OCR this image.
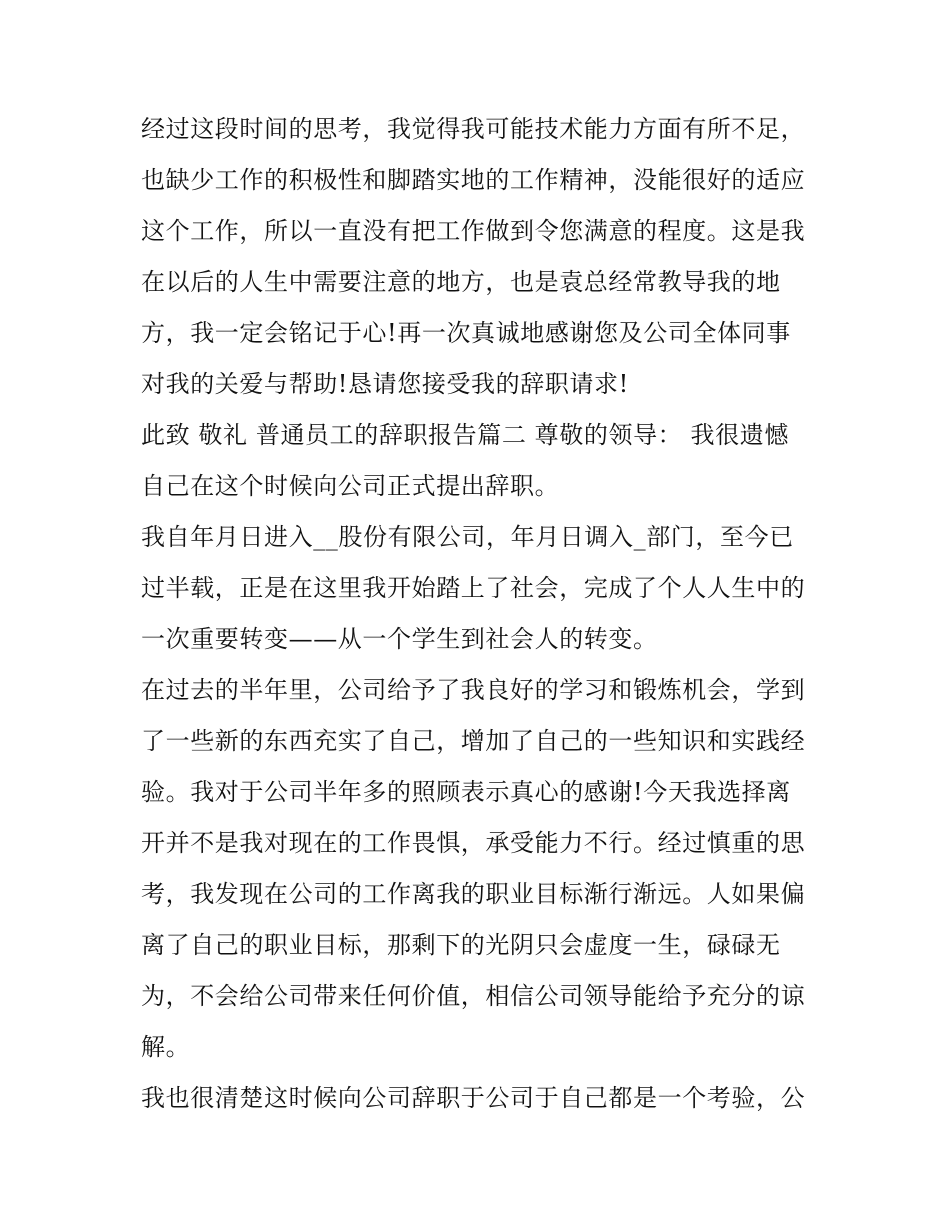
经过这段时间的思考，我觉得我可能技术能力方面有所不足，
也缺少工作的积极性和脚踏实地的工作精神，没能很好的适应
这个工作，所以一直没有把工作做到令您满意的程度。这是我
在以后的人生中需要注意的地方，也是袁总经常教导我的地
方，我一定会铭记于心!再一次真诚地感谢您及公司全体同事
对我的关爱与帮助!恳请您接受我的辞职请求!

此致 敬礼 普通员工的辞职报告篇二 尊敬的领导： 我很遗憾
自己在这个时候向公司正式提出辞职。

我自年月日进入__股份有限公司，年月日调入_部门，至今已
过半载，正是在这里我开始踏上了社会，完成了个人人生中的
一次重要转变——从一个学生到社会人的转变。

在过去的半年里，公司给予了我良好的学习和锻炼机会，学到
了一些新的东西充实了自己，增加了自己的一些知识和实践经
验。我对于公司半年多的照顾表示真心的感谢!今天我选择离
开并不是我对现在的工作畏惧，承受能力不行。经过慎重的思
考，我发现在公司的工作离我的职业目标渐行渐远。人如果偏
离了自己的职业目标，那剩下的光阴只会虚度一生，碌碌无
为，不会给公司带来任何价值，相信公司领导能给予充分的谅
解。

我也很清楚这时候向公司辞职于公司于自己都是一个考验，公
